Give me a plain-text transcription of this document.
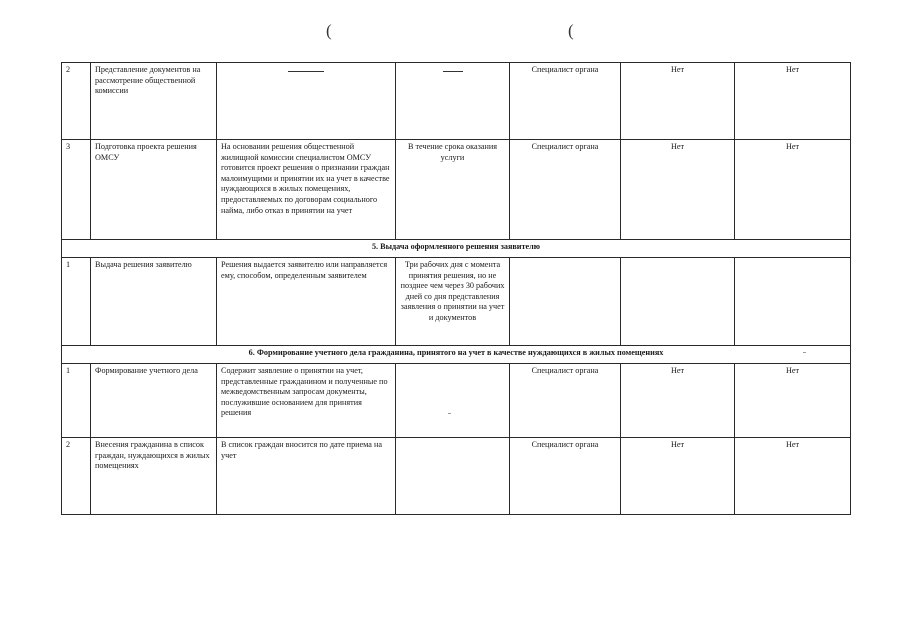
(	(
2	Представление документов на рассмотрение общественной комиссии			Специалист органа	Нет	Нет
3	Подготовка проекта решения ОМСУ	На основании решения общественной жилищной комиссии специалистом ОМСУ готовится проект решения о признании граждан малоимущими и принятии их на учет в качестве нуждающихся в жилых помещениях, предоставляемых по договорам социального найма, либо отказ в принятии на учет	В течение срока оказания услуги	Специалист органа	Нет	Нет
5. Выдача оформленного решения заявителю						
1	Выдача решения заявителю	Решения выдается заявителю или направляется ему, способом, определенным заявителем	Три рабочих дня с момента принятия решения, но не позднее чем через 30 рабочих дней со дня представления заявления о принятии на учет и документов			
6. Формирование учетного дела гражданина, принятого на учет в качестве нуждающихся в жилых помещениях						
1	Формирование учетного дела	Содержит заявление о принятии на учет, представленные гражданином и полученные по межведомственным запросам документы, послужившие основанием для принятия решения		Специалист органа	Нет	Нет
2	Внесения гражданина в список граждан, нуждающихся в жилых помещениях	В список граждан вносится по дате приема на учет		Специалист органа	Нет	Нет
